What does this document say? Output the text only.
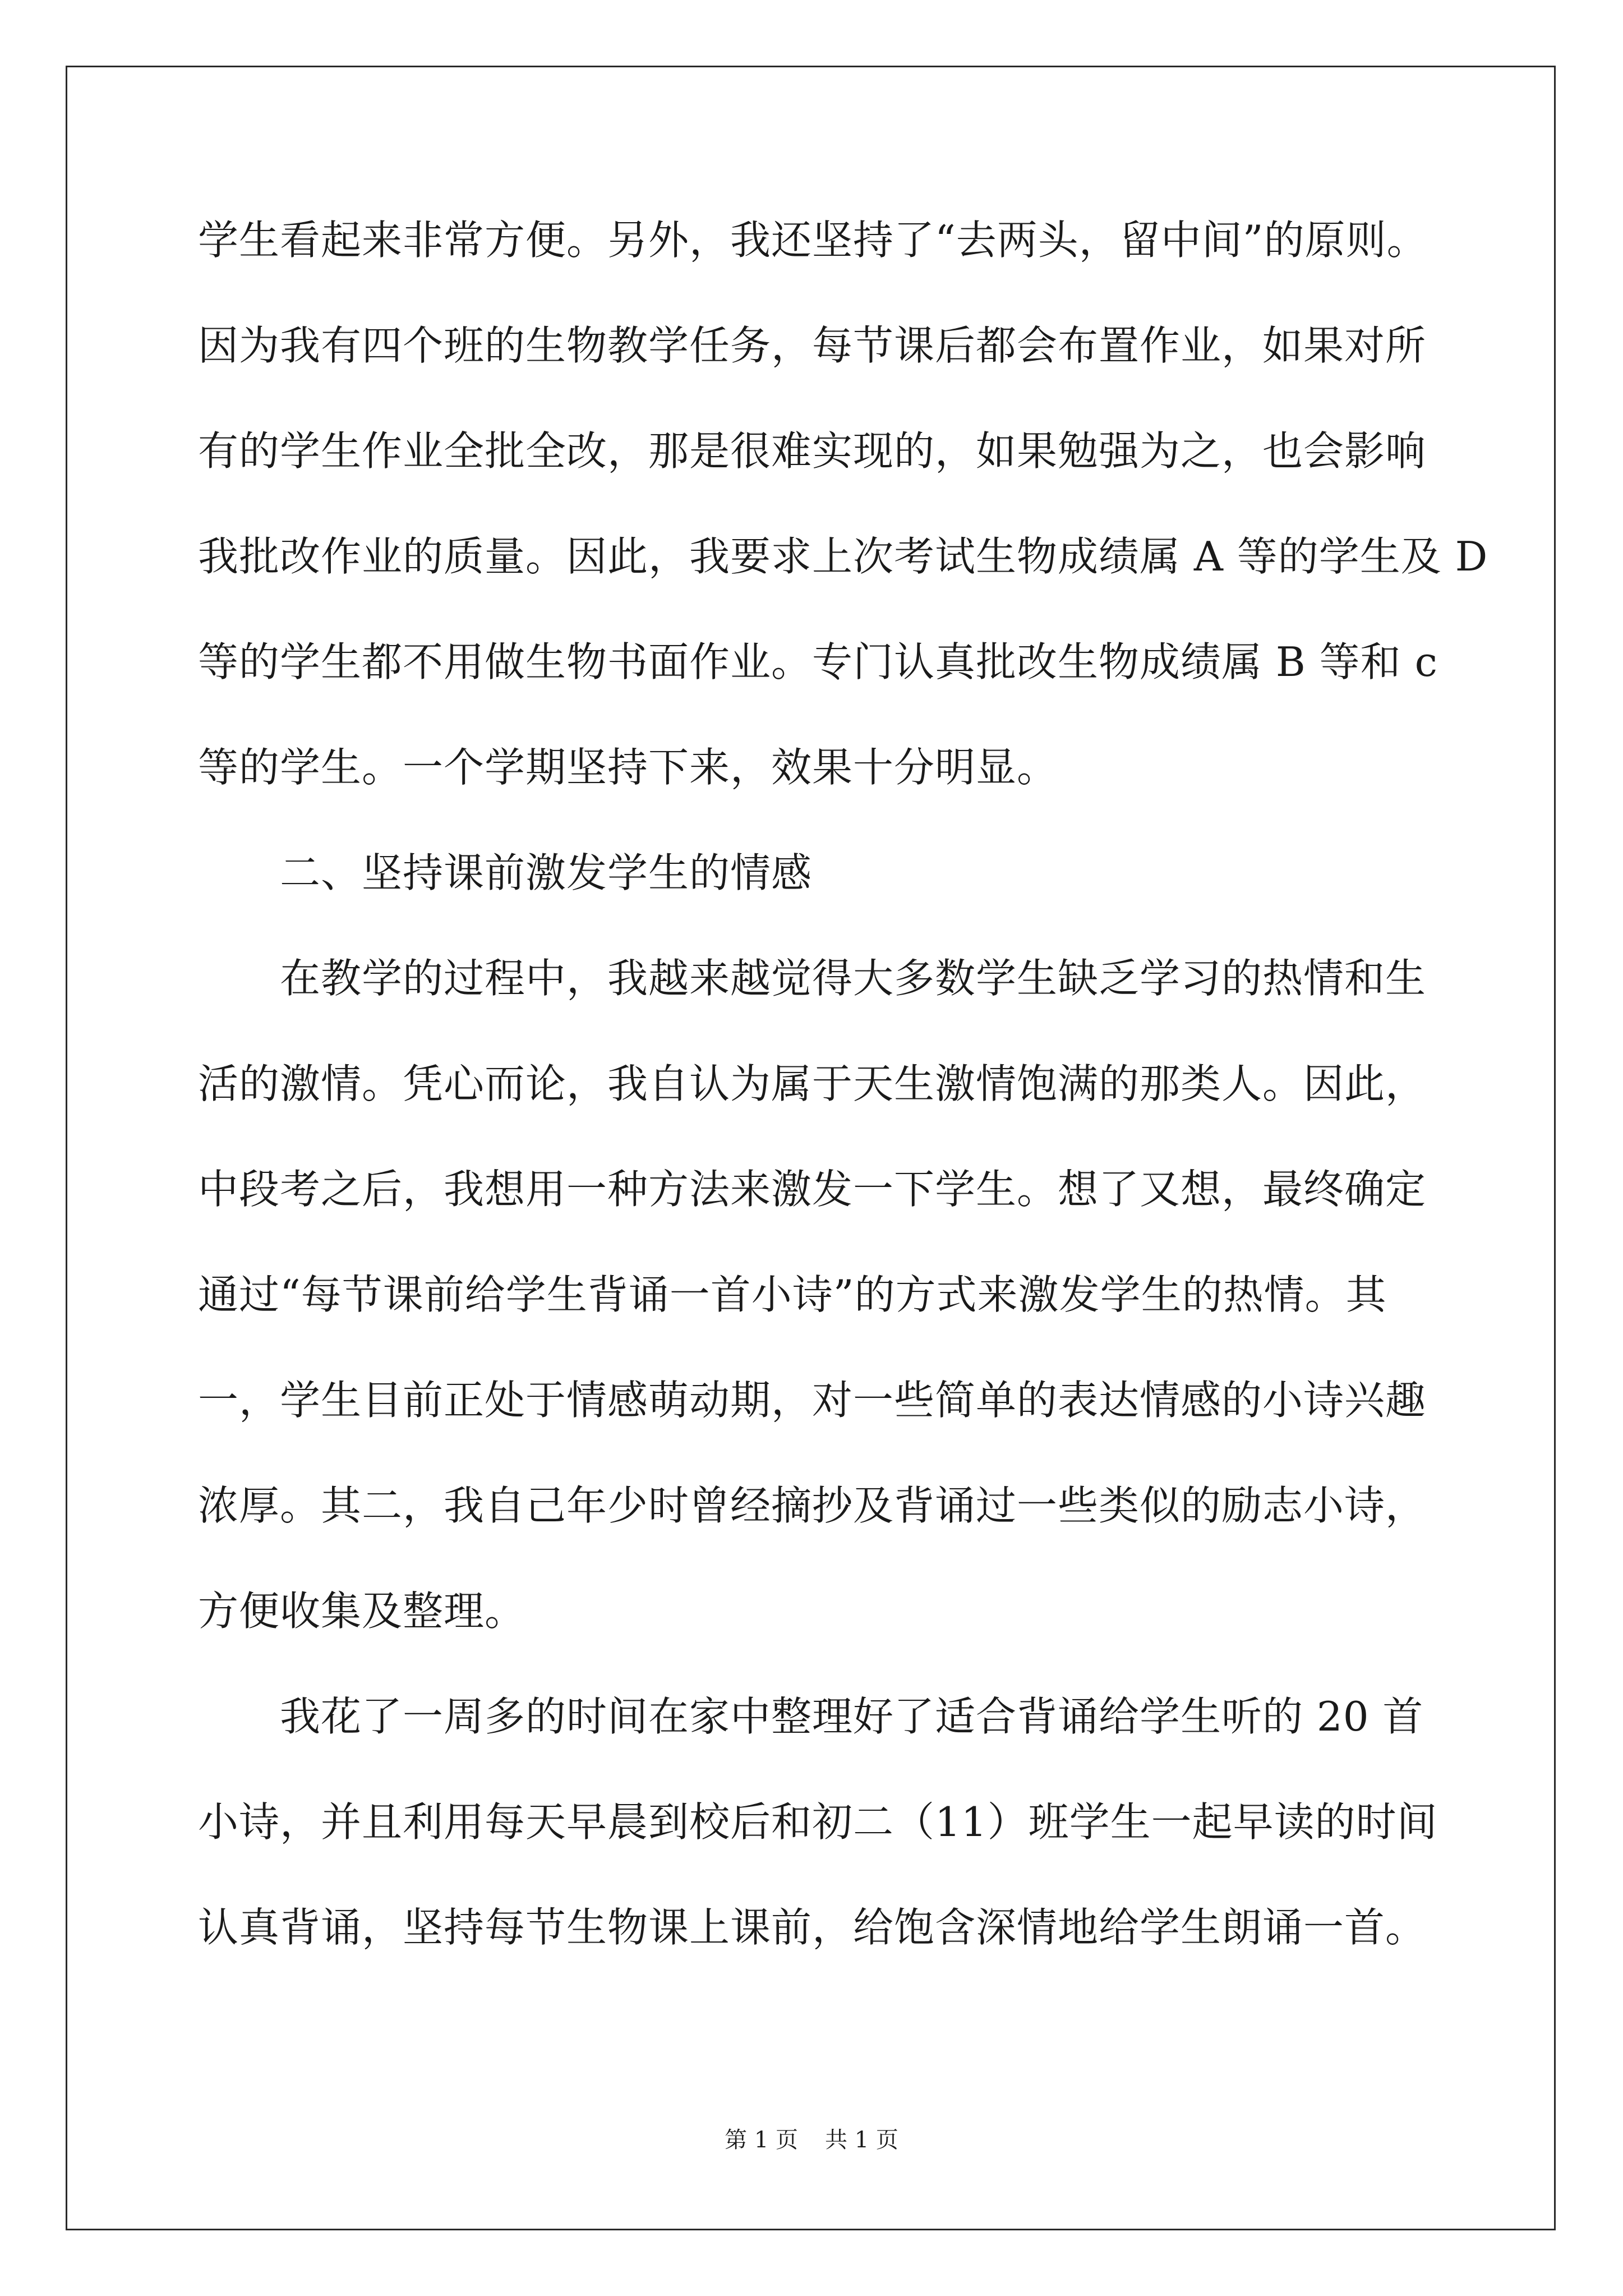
学生看起来非常方便。另外，我还坚持了“去两头，留中间”的原则。
因为我有四个班的生物教学任务，每节课后都会布置作业，如果对所
有的学生作业全批全改，那是很难实现的，如果勉强为之，也会影响
我批改作业的质量。因此，我要求上次考试生物成绩属 A 等的学生及 D
等的学生都不用做生物书面作业。专门认真批改生物成绩属 B 等和 c
等的学生。一个学期坚持下来，效果十分明显。
　　二、坚持课前激发学生的情感
　　在教学的过程中，我越来越觉得大多数学生缺乏学习的热情和生
活的激情。凭心而论，我自认为属于天生激情饱满的那类人。因此，
中段考之后，我想用一种方法来激发一下学生。想了又想，最终确定
通过“每节课前给学生背诵一首小诗”的方式来激发学生的热情。其
一，学生目前正处于情感萌动期，对一些简单的表达情感的小诗兴趣
浓厚。其二，我自己年少时曾经摘抄及背诵过一些类似的励志小诗，
方便收集及整理。
　　我花了一周多的时间在家中整理好了适合背诵给学生听的 20 首
小诗，并且利用每天早晨到校后和初二（11）班学生一起早读的时间
认真背诵，坚持每节生物课上课前，给饱含深情地给学生朗诵一首。
第 1 页 共 1 页
